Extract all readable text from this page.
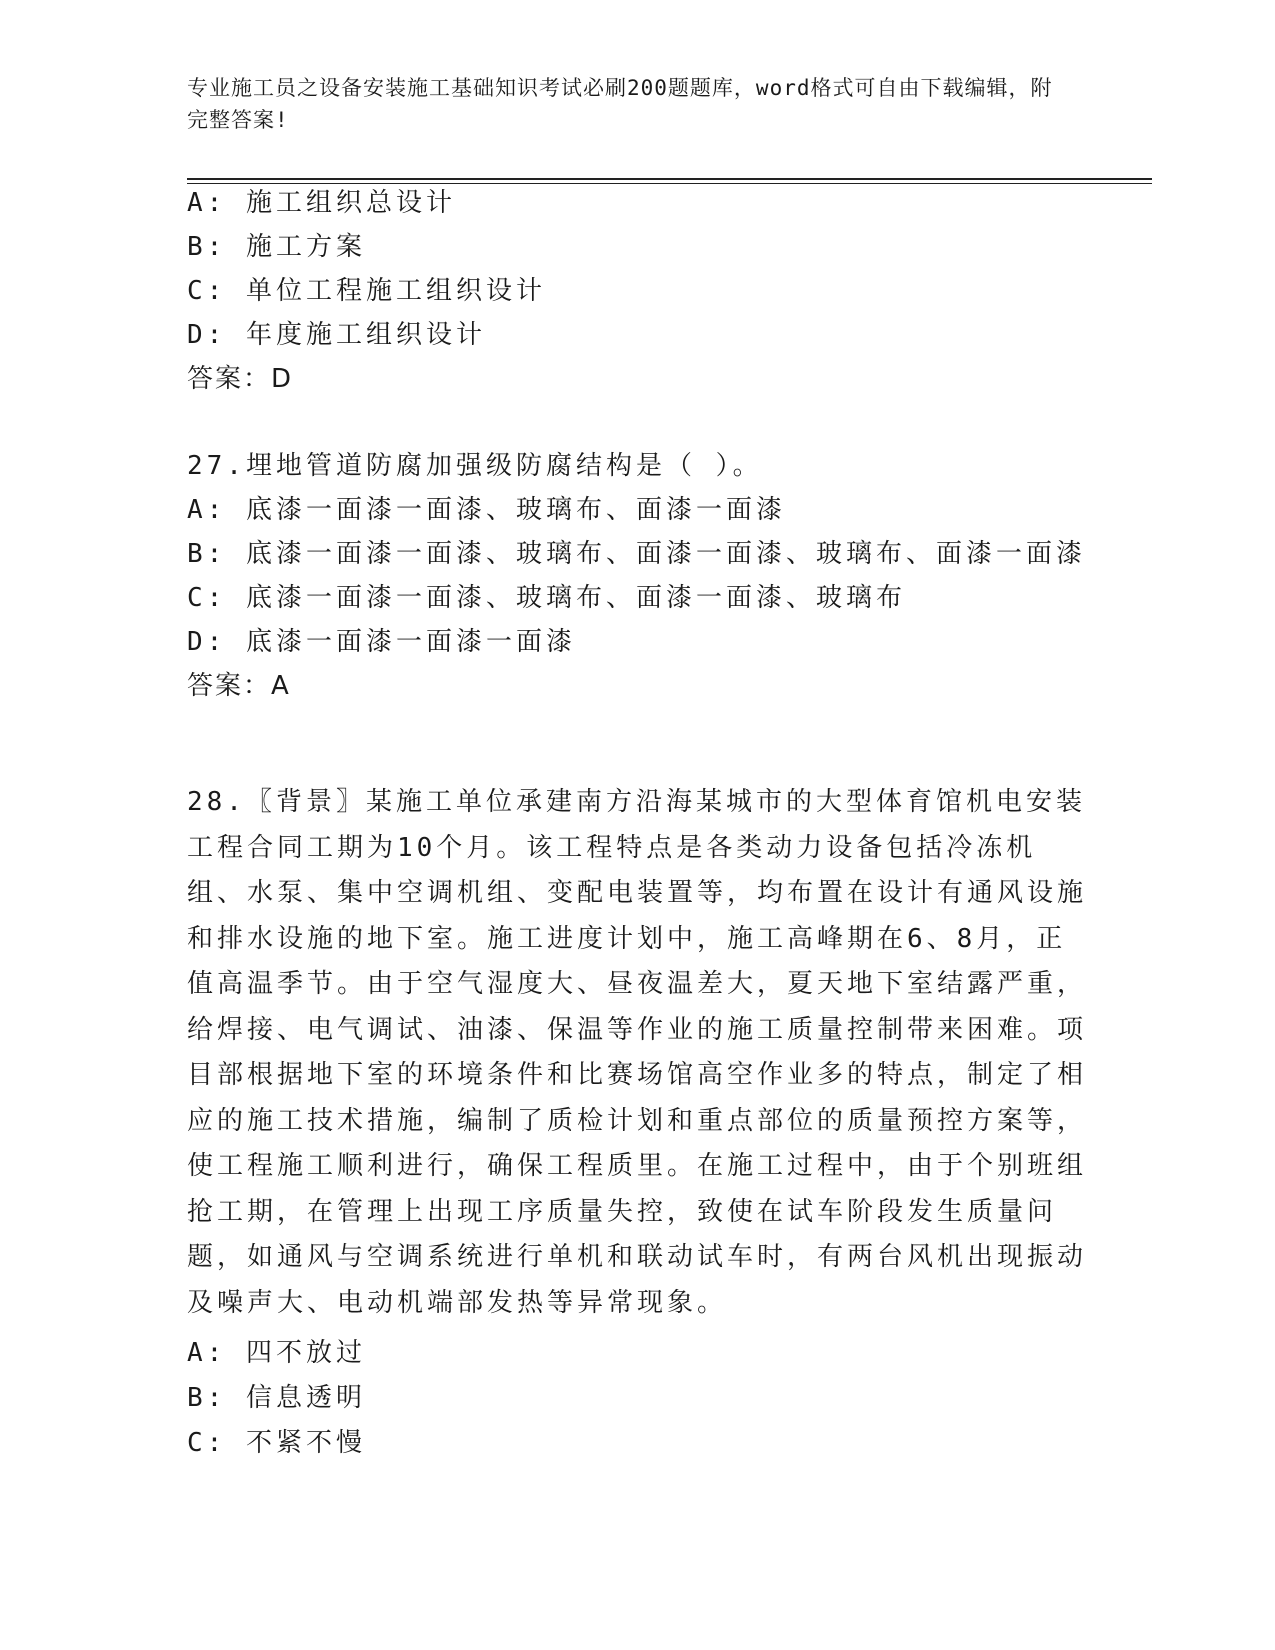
专业施工员之设备安装施工基础知识考试必刷200题题库，word格式可自由下载编辑，附完整答案!
A: 施工组织总设计
B: 施工方案
C: 单位工程施工组织设计
D: 年度施工组织设计
答案：D
27.埋地管道防腐加强级防腐结构是（ ）。
A: 底漆一面漆一面漆、玻璃布、面漆一面漆
B: 底漆一面漆一面漆、玻璃布、面漆一面漆、玻璃布、面漆一面漆
C: 底漆一面漆一面漆、玻璃布、面漆一面漆、玻璃布
D: 底漆一面漆一面漆一面漆
答案：A
28.〖背景〗某施工单位承建南方沿海某城市的大型体育馆机电安装工程合同工期为10个月。该工程特点是各类动力设备包括冷冻机组、水泵、集中空调机组、变配电装置等，均布置在设计有通风设施和排水设施的地下室。施工进度计划中，施工高峰期在6、8月，正值高温季节。由于空气湿度大、昼夜温差大，夏天地下室结露严重，给焊接、电气调试、油漆、保温等作业的施工质量控制带来困难。项目部根据地下室的环境条件和比赛场馆高空作业多的特点，制定了相应的施工技术措施，编制了质检计划和重点部位的质量预控方案等，使工程施工顺利进行，确保工程质里。在施工过程中，由于个别班组抢工期，在管理上出现工序质量失控，致使在试车阶段发生质量问题，如通风与空调系统进行单机和联动试车时，有两台风机出现振动及噪声大、电动机端部发热等异常现象。
A: 四不放过
B: 信息透明
C: 不紧不慢
